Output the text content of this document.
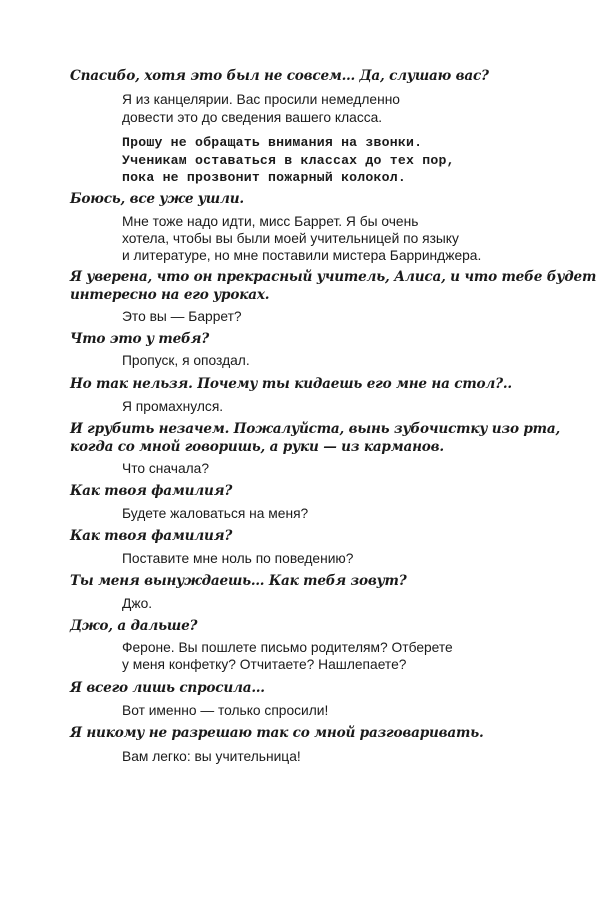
Спасибо, хотя это был не совсем… Да, слушаю вас?

Я из канцелярии. Вас просили немедленно

довести это до сведения вашего класса.

Прошу не обращать внимания на звонки.

Ученикам оставаться в классах до тех пор,

пока не прозвонит пожарный колокол.

Боюсь, все уже ушли.

Мне тоже надо идти, мисс Баррет. Я бы очень

хотела, чтобы вы были моей учительницей по языку

и литературе, но мне поставили мистера Барринджера.

Я уверена, что он прекрасный учитель, Алиса, и что тебе будет

интересно на его уроках.

Это вы — Баррет?

Что это у тебя?

Пропуск, я опоздал.

Но так нельзя. Почему ты кидаешь его мне на стол?..

Я промахнулся.

И грубить незачем. Пожалуйста, вынь зубочистку изо рта,

когда со мной говоришь, а руки — из карманов.

Что сначала?

Как твоя фамилия?

Будете жаловаться на меня?

Как твоя фамилия?

Поставите мне ноль по поведению?

Ты меня вынуждаешь… Как тебя зовут?

Джо.

Джо, а дальше?

Фероне. Вы пошлете письмо родителям? Отберете

у меня конфетку? Отчитаете? Нашлепаете?

Я всего лишь спросила…

Вот именно — только спросили!

Я никому не разрешаю так со мной разговаривать.

Вам легко: вы учительница!
